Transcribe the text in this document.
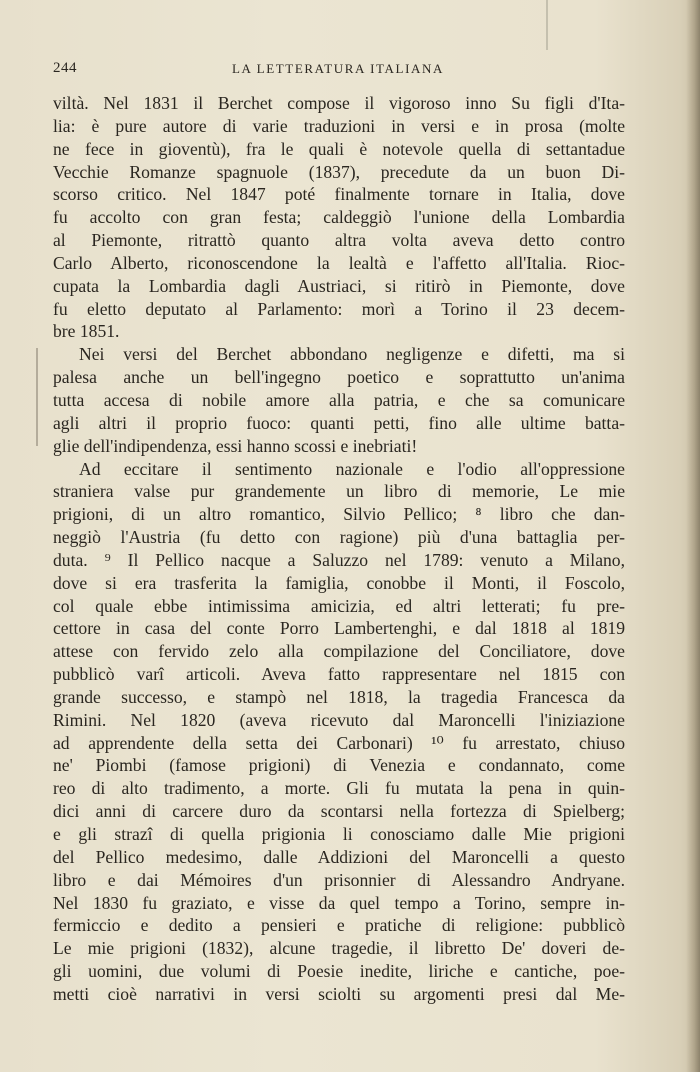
244	LA LETTERATURA ITALIANA
viltà. Nel 1831 il Berchet compose il vigoroso inno Su figli d'Ita-
lia: è pure autore di varie traduzioni in versi e in prosa (molte
ne fece in gioventù), fra le quali è notevole quella di settantadue
Vecchie Romanze spagnuole (1837), precedute da un buon Di-
scorso critico. Nel 1847 poté finalmente tornare in Italia, dove
fu accolto con gran festa; caldeggiò l'unione della Lombardia
al Piemonte, ritrattò quanto altra volta aveva detto contro
Carlo Alberto, riconoscendone la lealtà e l'affetto all'Italia. Rioc-
cupata la Lombardia dagli Austriaci, si ritirò in Piemonte, dove
fu eletto deputato al Parlamento: morì a Torino il 23 decem-
bre 1851.
Nei versi del Berchet abbondano negligenze e difetti, ma si
palesa anche un bell'ingegno poetico e soprattutto un'anima
tutta accesa di nobile amore alla patria, e che sa comunicare
agli altri il proprio fuoco: quanti petti, fino alle ultime batta-
glie dell'indipendenza, essi hanno scossi e inebriati!
Ad eccitare il sentimento nazionale e l'odio all'oppressione
straniera valse pur grandemente un libro di memorie, Le mie
prigioni, di un altro romantico, Silvio Pellico; ⁸ libro che dan-
neggiò l'Austria (fu detto con ragione) più d'una battaglia per-
duta. ⁹ Il Pellico nacque a Saluzzo nel 1789: venuto a Milano,
dove si era trasferita la famiglia, conobbe il Monti, il Foscolo,
col quale ebbe intimissima amicizia, ed altri letterati; fu pre-
cettore in casa del conte Porro Lambertenghi, e dal 1818 al 1819
attese con fervido zelo alla compilazione del Conciliatore, dove
pubblicò varî articoli. Aveva fatto rappresentare nel 1815 con
grande successo, e stampò nel 1818, la tragedia Francesca da
Rimini. Nel 1820 (aveva ricevuto dal Maroncelli l'iniziazione
ad apprendente della setta dei Carbonari) ¹⁰ fu arrestato, chiuso
ne' Piombi (famose prigioni) di Venezia e condannato, come
reo di alto tradimento, a morte. Gli fu mutata la pena in quin-
dici anni di carcere duro da scontarsi nella fortezza di Spielberg;
e gli strazî di quella prigionia li conosciamo dalle Mie prigioni
del Pellico medesimo, dalle Addizioni del Maroncelli a questo
libro e dai Mémoires d'un prisonnier di Alessandro Andryane.
Nel 1830 fu graziato, e visse da quel tempo a Torino, sempre in-
fermiccio e dedito a pensieri e pratiche di religione: pubblicò
Le mie prigioni (1832), alcune tragedie, il libretto De' doveri de-
gli uomini, due volumi di Poesie inedite, liriche e cantiche, poe-
metti cioè narrativi in versi sciolti su argomenti presi dal Me-
